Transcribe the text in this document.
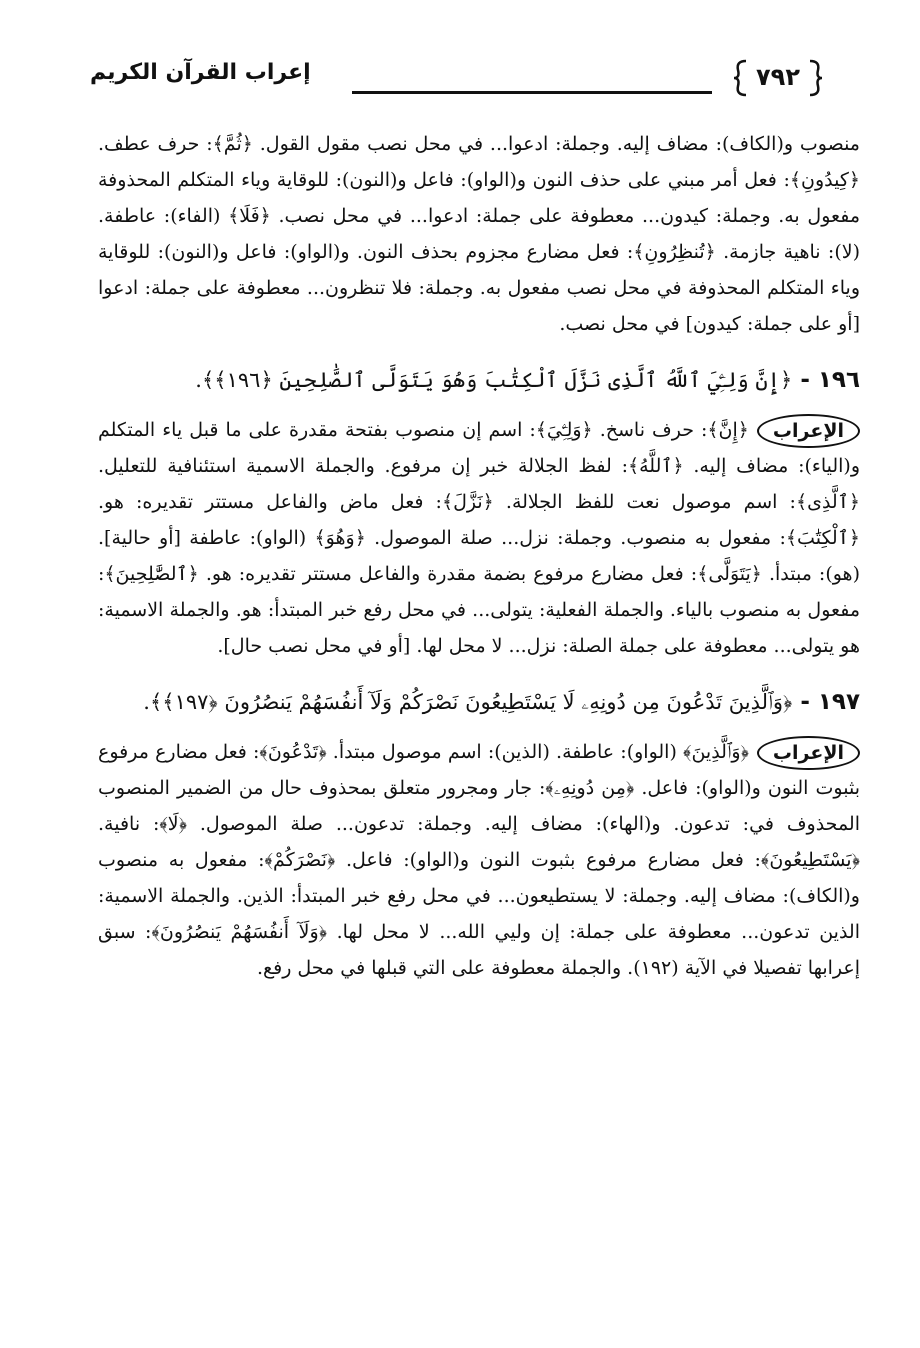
إعراب القرآن الكريم	٧٩٢

منصوب و(الكاف): مضاف إليه. وجملة: ادعوا... في محل نصب مقول القول. ﴿ثُمَّ﴾: حرف عطف. ﴿كِيدُونِ﴾: فعل أمر مبني على حذف النون و(الواو): فاعل و(النون): للوقاية وياء المتكلم المحذوفة مفعول به. وجملة: كيدون... معطوفة على جملة: ادعوا... في محل نصب. ﴿فَلَا﴾ (الفاء): عاطفة. (لا): ناهية جازمة. ﴿تُنظِرُونِ﴾: فعل مضارع مجزوم بحذف النون. و(الواو): فاعل و(النون): للوقاية وياء المتكلم المحذوفة في محل نصب مفعول به. وجملة: فلا تنظرون... معطوفة على جملة: ادعوا [أو على جملة: كيدون] في محل نصب.

١٩٦ - ﴿إِنَّ وَلِـِّۧيَ ٱللَّهُ ٱلَّذِى نَزَّلَ ٱلْكِتَٰبَ وَهُوَ يَتَوَلَّى ٱلصَّٰلِحِينَ ﴿١٩٦﴾﴾.

الإعراب﴿إِنَّ﴾: حرف ناسخ. ﴿وَلِـِّۧيَ﴾: اسم إن منصوب بفتحة مقدرة على ما قبل ياء المتكلم و(الياء): مضاف إليه. ﴿ٱللَّهُ﴾: لفظ الجلالة خبر إن مرفوع. والجملة الاسمية استئنافية للتعليل. ﴿ٱلَّذِى﴾: اسم موصول نعت للفظ الجلالة. ﴿نَزَّلَ﴾: فعل ماض والفاعل مستتر تقديره: هو. ﴿ٱلْكِتَٰبَ﴾: مفعول به منصوب. وجملة: نزل... صلة الموصول. ﴿وَهُوَ﴾ (الواو): عاطفة [أو حالية]. (هو): مبتدأ. ﴿يَتَوَلَّى﴾: فعل مضارع مرفوع بضمة مقدرة والفاعل مستتر تقديره: هو. ﴿ٱلصَّٰلِحِينَ﴾: مفعول به منصوب بالياء. والجملة الفعلية: يتولى... في محل رفع خبر المبتدأ: هو. والجملة الاسمية: هو يتولى... معطوفة على جملة الصلة: نزل... لا محل لها. [أو في محل نصب حال].

١٩٧ - ﴿وَٱلَّذِينَ تَدْعُونَ مِن دُونِهِۦ لَا يَسْتَطِيعُونَ نَصْرَكُمْ وَلَآ أَنفُسَهُمْ يَنصُرُونَ ﴿١٩٧﴾﴾.

الإعراب﴿وَٱلَّذِينَ﴾ (الواو): عاطفة. (الذين): اسم موصول مبتدأ. ﴿تَدْعُونَ﴾: فعل مضارع مرفوع بثبوت النون و(الواو): فاعل. ﴿مِن دُونِهِۦ﴾: جار ومجرور متعلق بمحذوف حال من الضمير المنصوب المحذوف في: تدعون. و(الهاء): مضاف إليه. وجملة: تدعون... صلة الموصول. ﴿لَا﴾: نافية. ﴿يَسْتَطِيعُونَ﴾: فعل مضارع مرفوع بثبوت النون و(الواو): فاعل. ﴿نَصْرَكُمْ﴾: مفعول به منصوب و(الكاف): مضاف إليه. وجملة: لا يستطيعون... في محل رفع خبر المبتدأ: الذين. والجملة الاسمية: الذين تدعون... معطوفة على جملة: إن وليي الله... لا محل لها. ﴿وَلَآ أَنفُسَهُمْ يَنصُرُونَ﴾: سبق إعرابها تفصيلا في الآية (١٩٢). والجملة معطوفة على التي قبلها في محل رفع.
